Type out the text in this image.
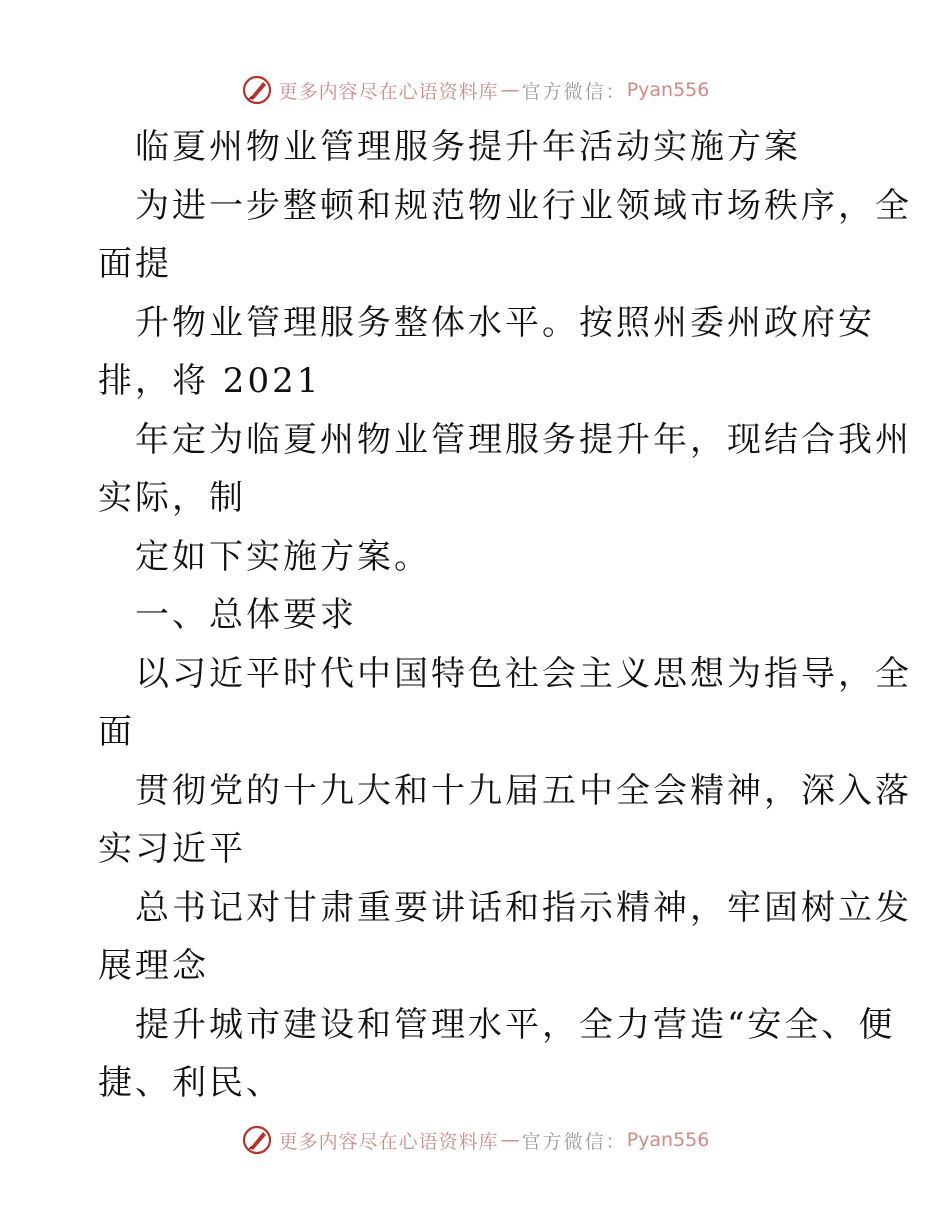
更多内容尽在心语资料库 — 官方微信： Pyan556
临夏州物业管理服务提升年活动实施方案
为进一步整顿和规范物业行业领域市场秩序，全
面提
升物业管理服务整体水平。按照州委州政府安
排，将 2021
年定为临夏州物业管理服务提升年，现结合我州
实际，制
定如下实施方案。
一、总体要求
以习近平时代中国特色社会主义思想为指导，全
面
贯彻党的十九大和十九届五中全会精神，深入落
实习近平
总书记对甘肃重要讲话和指示精神，牢固树立发
展理念
提升城市建设和管理水平，全力营造“安全、便
捷、利民、
更多内容尽在心语资料库 — 官方微信： Pyan556
